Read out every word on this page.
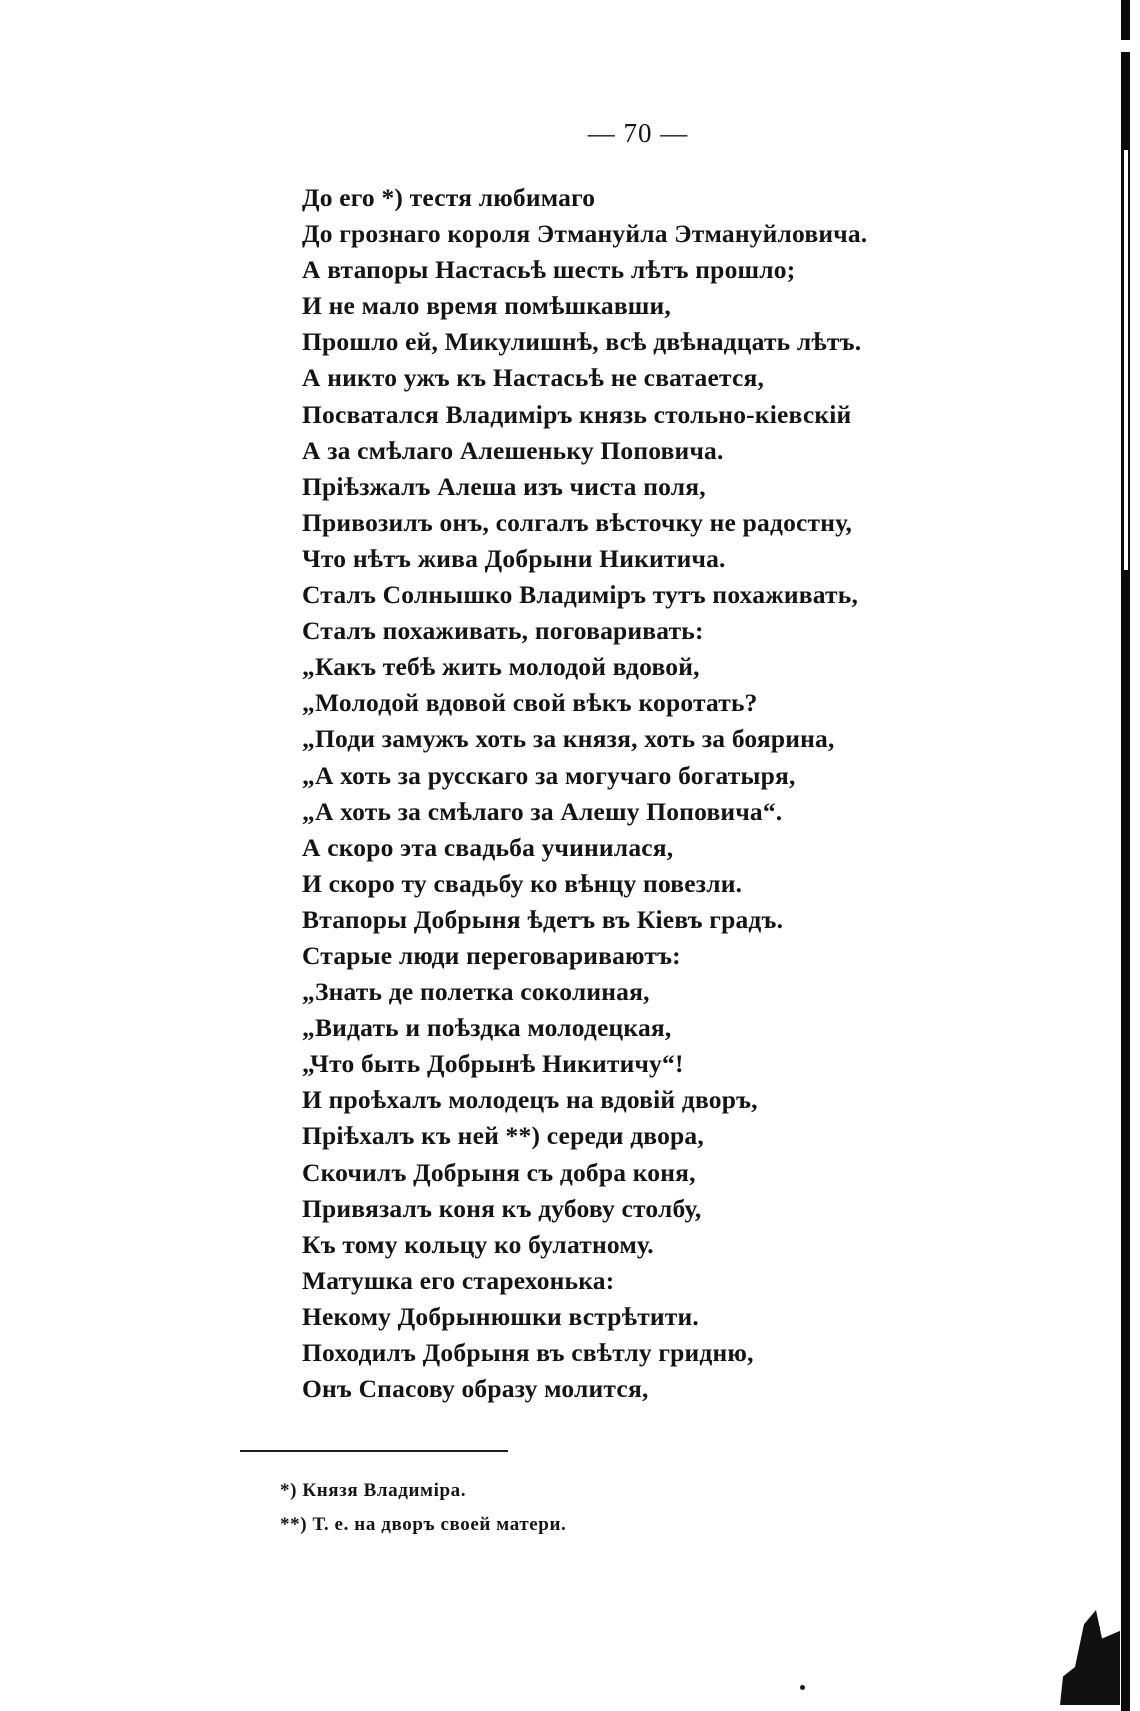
— 70 —
До его *) тестя любимаго
До грознаго короля Этмануйла Этмануйловича.
А втапоры Настасьѣ шесть лѣтъ прошло;
И не мало время помѣшкавши,
Прошло ей, Микулишнѣ, всѣ двѣнадцать лѣтъ.
А никто ужъ къ Настасьѣ не сватается,
Посватался Владиміръ князь стольно-кіевскій
А за смѣлаго Алешеньку Поповича.
Пріѣзжалъ Алеша изъ чиста поля,
Привозилъ онъ, солгалъ вѣсточку не радостну,
Что нѣтъ жива Добрыни Никитича.
Сталъ Солнышко Владиміръ тутъ похаживать,
Сталъ похаживать, поговаривать:
„Какъ тебѣ жить молодой вдовой,
„Молодой вдовой свой вѣкъ коротать?
„Поди замужъ хоть за князя, хоть за боярина,
„А хоть за русскаго за могучаго богатыря,
„А хоть за смѣлаго за Алешу Поповича“.
А скоро эта свадьба учинилася,
И скоро ту свадьбу ко вѣнцу повезли.
Втапоры Добрыня ѣдетъ въ Кіевъ градъ.
Старые люди переговариваютъ:
„Знать де полетка соколиная,
„Видать и поѣздка молодецкая,
„Что быть Добрынѣ Никитичу“!
И проѣхалъ молодецъ на вдовій дворъ,
Пріѣхалъ къ ней **) середи двора,
Скочилъ Добрыня съ добра коня,
Привязалъ коня къ дубову столбу,
Къ тому кольцу ко булатному.
Матушка его старехонька:
Некому Добрынюшки встрѣтити.
Походилъ Добрыня въ свѣтлу гридню,
Онъ Спасову образу молится,
*) Князя Владиміра.
**) Т. е. на дворъ своей матери.
